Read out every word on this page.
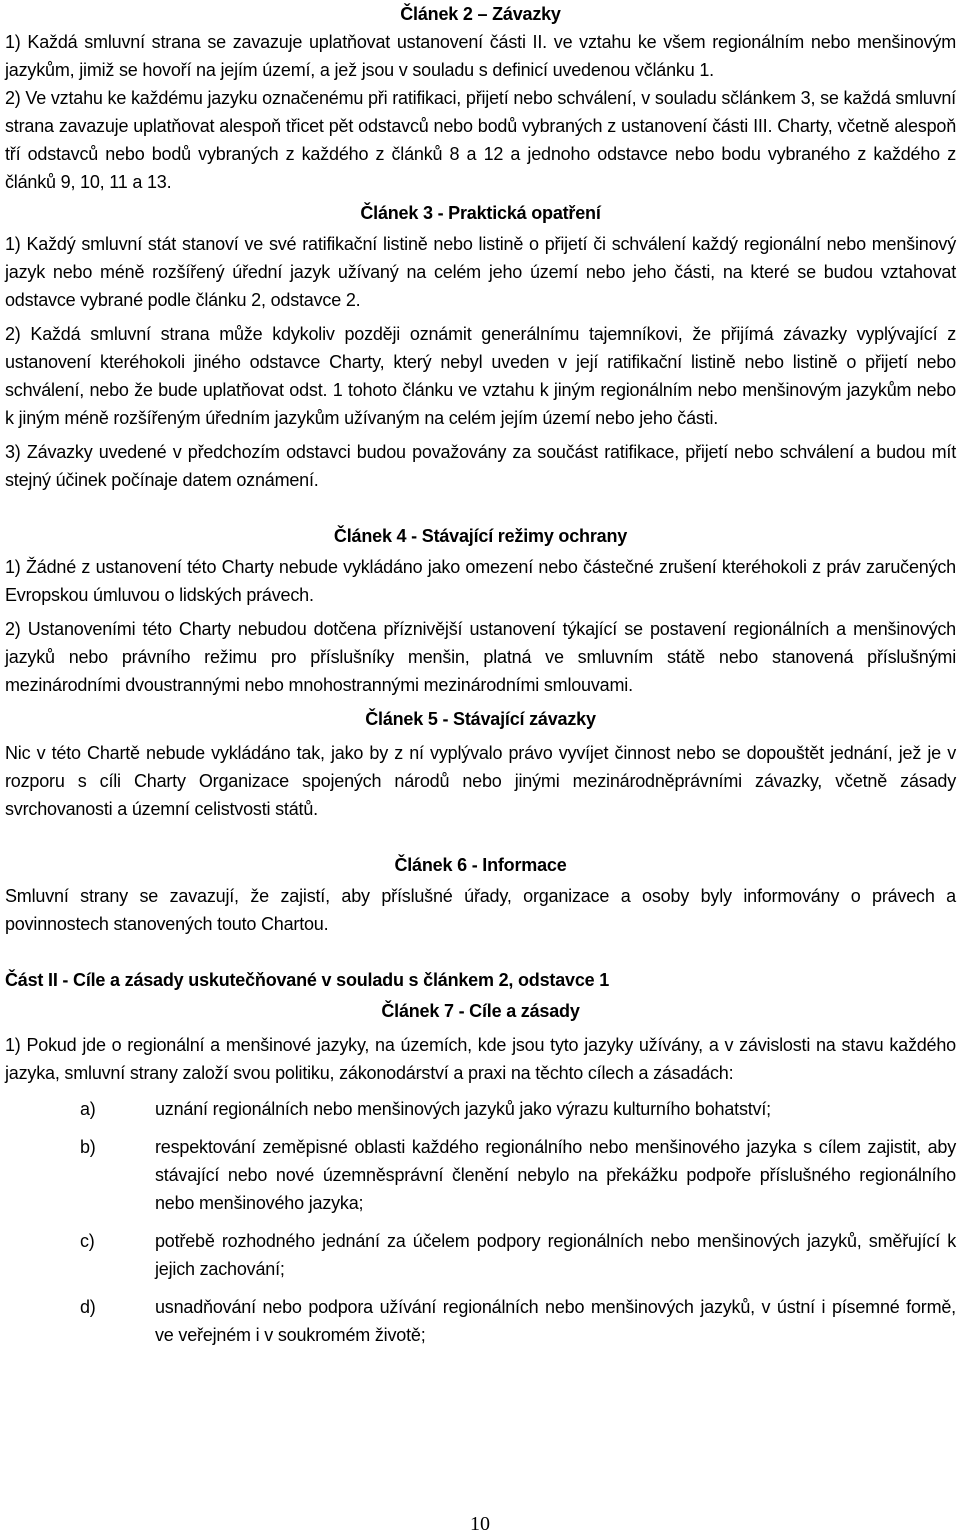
Článek 2 – Závazky

1) Každá smluvní strana se zavazuje uplatňovat ustanovení části II. ve vztahu ke všem regionálním nebo menšinovým jazykům, jimiž se hovoří na jejím území, a jež jsou v souladu s definicí uvedenou včlánku 1.

2) Ve vztahu ke každému jazyku označenému při ratifikaci, přijetí nebo schválení, v souladu sčlánkem 3, se každá smluvní strana zavazuje uplatňovat alespoň třicet pět odstavců nebo bodů vybraných z ustanovení části III. Charty, včetně alespoň tří odstavců nebo bodů vybraných z každého z článků 8 a 12 a jednoho odstavce nebo bodu vybraného z každého z článků 9, 10, 11 a 13.

Článek 3 - Praktická opatření

1) Každý smluvní stát stanoví ve své ratifikační listině nebo listině o přijetí či schválení každý regionální nebo menšinový jazyk nebo méně rozšířený úřední jazyk užívaný na celém jeho území nebo jeho části, na které se budou vztahovat odstavce vybrané podle článku 2, odstavce 2.

2) Každá smluvní strana může kdykoliv později oznámit generálnímu tajemníkovi, že přijímá závazky vyplývající z ustanovení kteréhokoli jiného odstavce Charty, který nebyl uveden v její ratifikační listině nebo listině o přijetí nebo schválení, nebo že bude uplatňovat odst. 1 tohoto článku ve vztahu k jiným regionálním nebo menšinovým jazykům nebo k jiným méně rozšířeným úředním jazykům užívaným na celém jejím území nebo jeho části.

3) Závazky uvedené v předchozím odstavci budou považovány za součást ratifikace, přijetí nebo schválení a budou mít stejný účinek počínaje datem oznámení.

Článek 4 - Stávající režimy ochrany

1) Žádné z ustanovení této Charty nebude vykládáno jako omezení nebo částečné zrušení kteréhokoli z práv zaručených Evropskou úmluvou o lidských právech.

2) Ustanoveními této Charty nebudou dotčena příznivější ustanovení týkající se postavení regionálních a menšinových jazyků nebo právního režimu pro příslušníky menšin, platná ve smluvním státě nebo stanovená příslušnými mezinárodními dvoustrannými nebo mnohostrannými mezinárodními smlouvami.

Článek 5 - Stávající závazky

Nic v této Chartě nebude vykládáno tak, jako by z ní vyplývalo právo vyvíjet činnost nebo se dopouštět jednání, jež je v rozporu s cíli Charty Organizace spojených národů nebo jinými mezinárodněprávními závazky, včetně zásady svrchovanosti a územní celistvosti států.

Článek 6 - Informace

Smluvní strany se zavazují, že zajistí, aby příslušné úřady, organizace a osoby byly informovány o právech a povinnostech stanovených touto Chartou.

Část II - Cíle a zásady uskutečňované v souladu s článkem 2, odstavce 1
Článek 7 - Cíle a zásady

1) Pokud jde o regionální a menšinové jazyky, na územích, kde jsou tyto jazyky užívány, a v závislosti na stavu každého jazyka, smluvní strany založí svou politiku, zákonodárství a praxi na těchto cílech a zásadách:

a)	uznání regionálních nebo menšinových jazyků jako výrazu kulturního bohatství;
b)	respektování zeměpisné oblasti každého regionálního nebo menšinového jazyka s cílem zajistit, aby stávající nebo nové územněsprávní členění nebylo na překážku podpoře příslušného regionálního nebo menšinového jazyka;
c)	potřebě rozhodného jednání za účelem podpory regionálních nebo menšinových jazyků, směřující k jejich zachování;
d)	usnadňování nebo podpora užívání regionálních nebo menšinových jazyků, v ústní i písemné formě, ve veřejném i v soukromém životě;
10
